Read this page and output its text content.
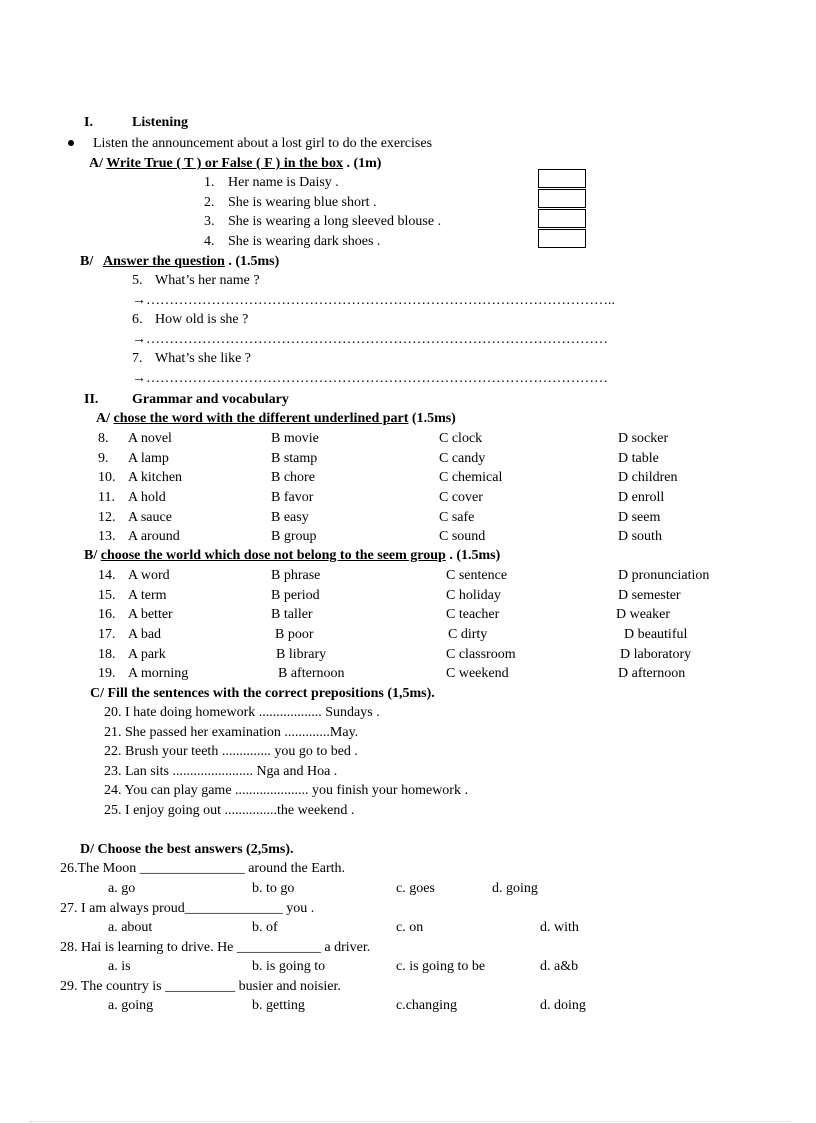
I.	Listening
Listen the announcement about a lost girl to do the exercises
A/ Write True ( T ) or False ( F ) in the box . (1m)
1. Her name is Daisy .
2. She is wearing blue short .
3. She is wearing a long sleeved blouse .
4. She is wearing dark shoes .
B/ Answer the question . (1.5ms)
5. What’s her name ?
→………………………………………………………………………………………..
6. How old is she ?
→………………………………………………………………………………………
7. What’s she like ?
→………………………………………………………………………………………
II. Grammar and vocabulary
A/ chose the word with the different underlined part (1.5ms)
8. A novel	B movie	C clock	D socker
9. A lamp	B stamp	C candy	D table
10. A kitchen	B chore	C chemical	D children
11. A hold	B favor	C cover	D enroll
12. A sauce	B easy	C safe	D seem
13. A around	B group	C sound	D south
B/ choose the world which dose not belong to the seem group . (1.5ms)
14. A word	B phrase	C sentence	D pronunciation
15. A term	B period	C holiday	D semester
16. A better	B taller	C teacher	D weaker
17. A bad	B poor	C dirty	D beautiful
18. A park	B library	C classroom	D laboratory
19. A morning	B afternoon	C weekend	D afternoon
C/ Fill the sentences with the correct prepositions (1,5ms).
20. I hate doing homework .................. Sundays .
21. She passed her examination .............May.
22. Brush your teeth .............. you go to bed .
23. Lan sits ....................... Nga and Hoa .
24. You can play game ..................... you finish your homework .
25. I enjoy going out ...............the weekend .
D/ Choose the best answers (2,5ms).
26.The Moon _______________ around the Earth.
a. go	b. to go	c. goes	d. going
27. I am always proud______________ you .
a. about	b. of	c. on	d. with
28. Hai is learning to drive. He ____________ a driver.
a. is	b. is going to	c. is going to be	d. a&b
29. The country is __________ busier and noisier.
a. going	b. getting	c.changing	d. doing
